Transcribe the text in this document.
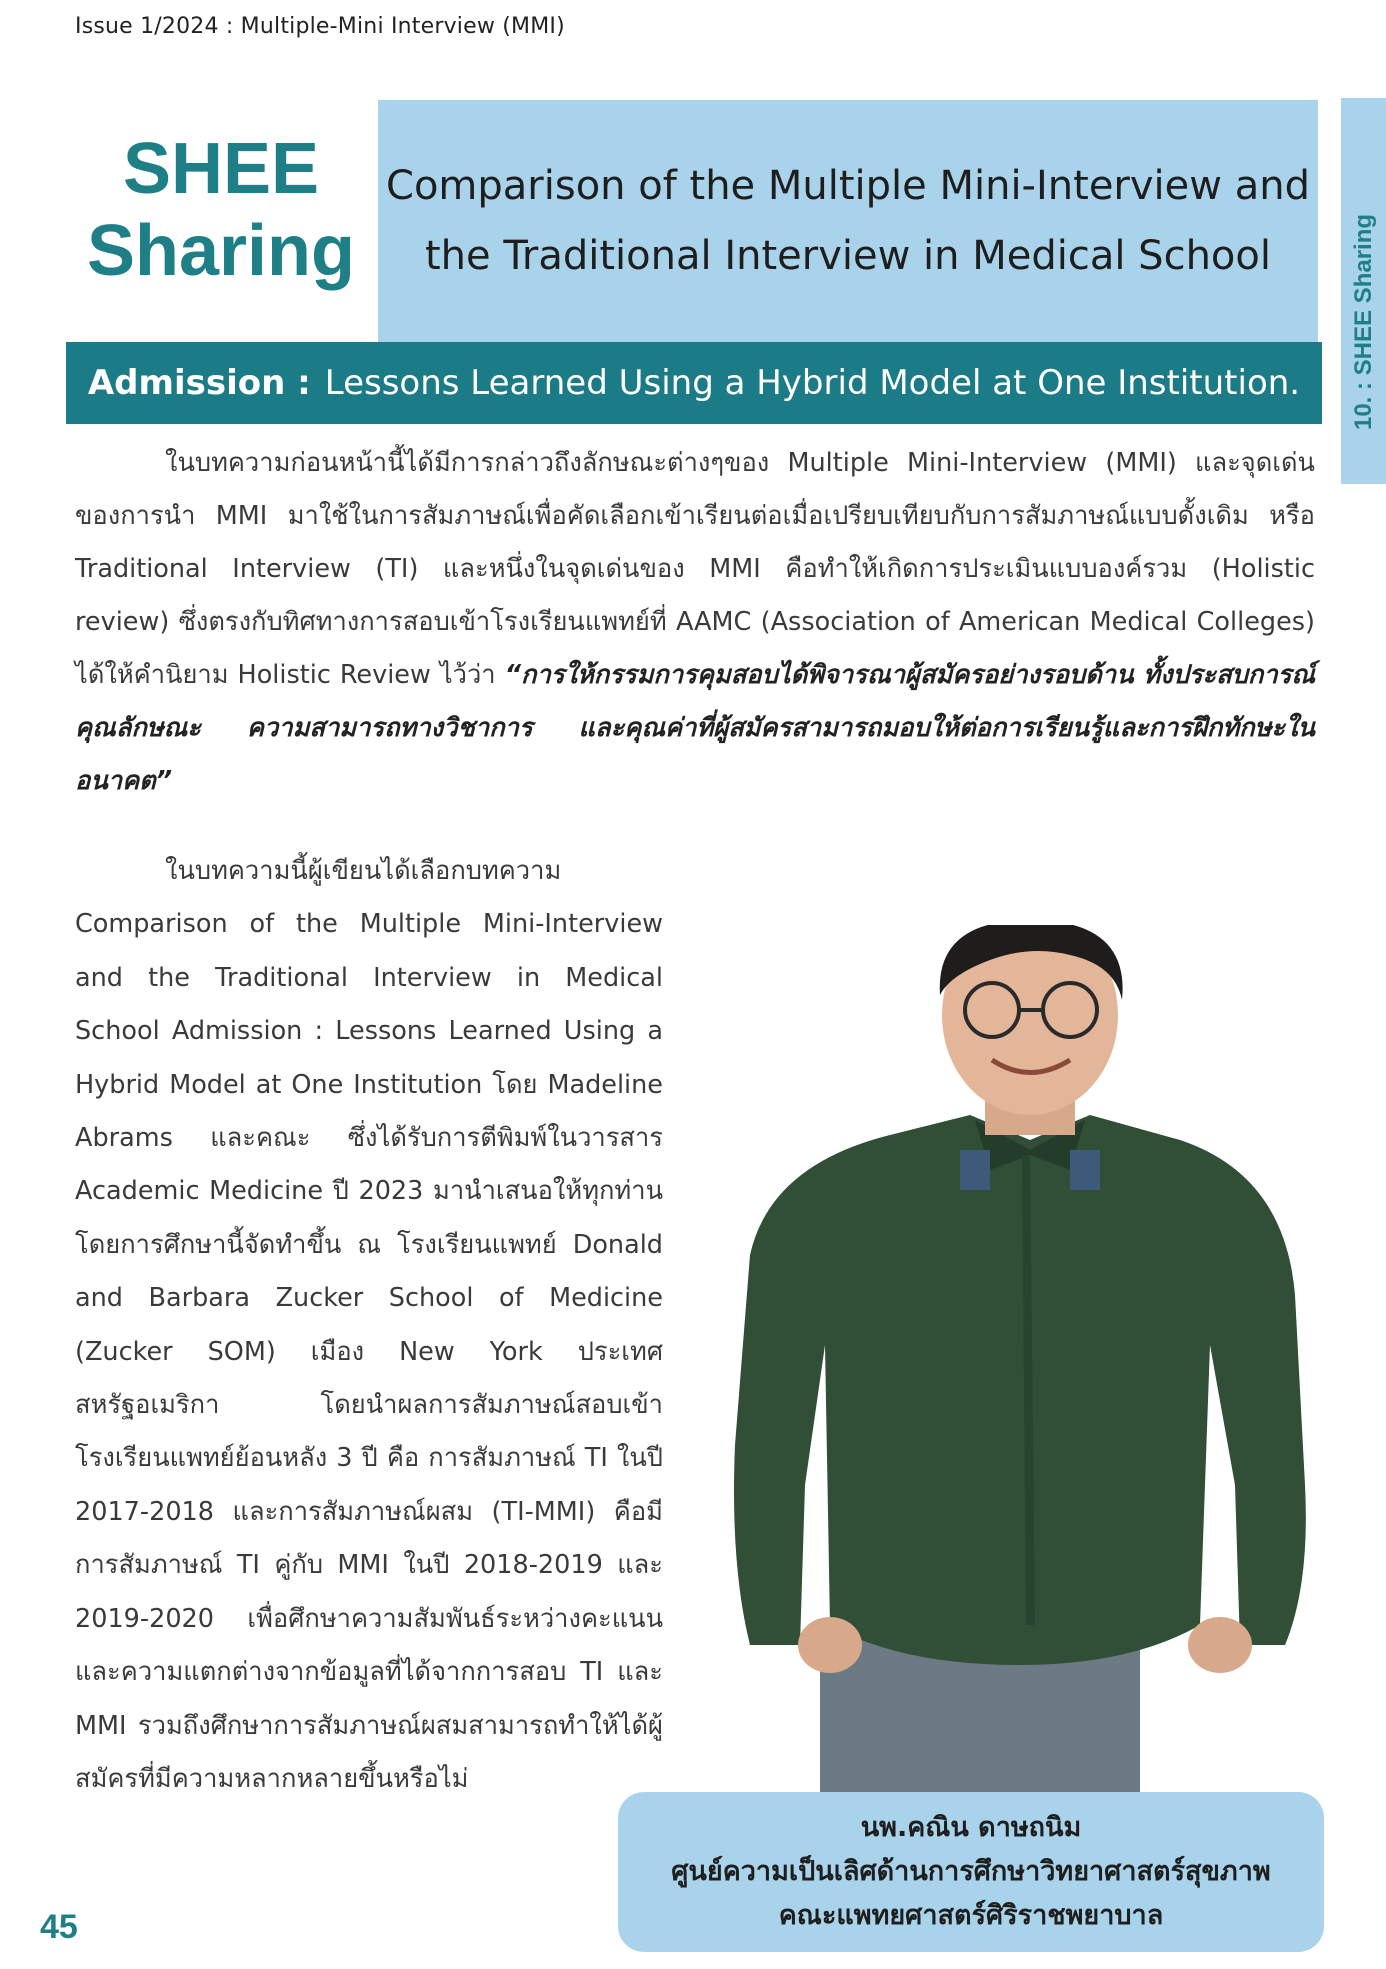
Issue 1/2024 : Multiple-Mini Interview (MMI)
SHEE
Sharing
Comparison of the Multiple Mini-Interview and
the Traditional Interview in Medical School	10. : SHEE Sharing
Admission : Lessons Learned Using a Hybrid Model at One Institution.
ในบทความก่อนหน้านี้ได้มีการกล่าวถึงลักษณะต่างๆของ Multiple Mini-Interview (MMI) และจุดเด่นของการนำ MMI มาใช้ในการสัมภาษณ์เพื่อคัดเลือกเข้าเรียนต่อเมื่อเปรียบเทียบกับการสัมภาษณ์แบบดั้งเดิม หรือ Traditional Interview (TI) และหนึ่งในจุดเด่นของ MMI คือทำให้เกิดการประเมินแบบองค์รวม (Holistic review) ซึ่งตรงกับทิศทางการสอบเข้าโรงเรียนแพทย์ที่ AAMC (Association of American Medical Colleges) ได้ให้คำนิยาม Holistic Review ไว้ว่า “การให้กรรมการคุมสอบได้พิจารณาผู้สมัครอย่างรอบด้าน ทั้งประสบการณ์ คุณลักษณะ ความสามารถทางวิชาการ และคุณค่าที่ผู้สมัครสามารถมอบให้ต่อการเรียนรู้และการฝึกทักษะในอนาคต”
ในบทความนี้ผู้เขียนได้เลือกบทความ Comparison of the Multiple Mini-Interview and the Traditional Interview in Medical School Admission : Lessons Learned Using a Hybrid Model at One Institution โดย Madeline Abrams และคณะ ซึ่งได้รับการตีพิมพ์ในวารสาร Academic Medicine ปี 2023 มานำเสนอให้ทุกท่าน โดยการศึกษานี้จัดทำขึ้น ณ โรงเรียนแพทย์ Donald and Barbara Zucker School of Medicine (Zucker SOM) เมือง New York ประเทศสหรัฐอเมริกา โดยนำผลการสัมภาษณ์สอบเข้าโรงเรียนแพทย์ย้อนหลัง 3 ปี คือ การสัมภาษณ์ TI ในปี 2017-2018 และการสัมภาษณ์ผสม (TI-MMI) คือมีการสัมภาษณ์ TI คู่กับ MMI ในปี 2018-2019 และ 2019-2020 เพื่อศึกษาความสัมพันธ์ระหว่างคะแนนและความแตกต่างจากข้อมูลที่ได้จากการสอบ TI และ MMI รวมถึงศึกษาการสัมภาษณ์ผสมสามารถทำให้ได้ผู้สมัครที่มีความหลากหลายขึ้นหรือไม่
นพ.คณิน ดาษถนิม
ศูนย์ความเป็นเลิศด้านการศึกษาวิทยาศาสตร์สุขภาพ
คณะแพทยศาสตร์ศิริราชพยาบาล
45
